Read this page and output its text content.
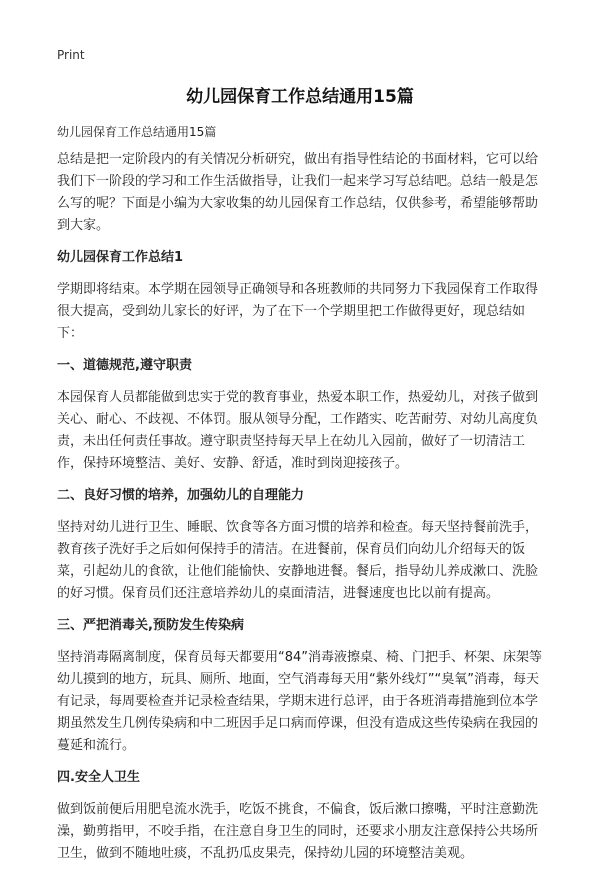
Print
幼儿园保育工作总结通用15篇

幼儿园保育工作总结通用15篇

总结是把一定阶段内的有关情况分析研究，做出有指导性结论的书面材料，它可以给我们下一阶段的学习和工作生活做指导，让我们一起来学习写总结吧。总结一般是怎么写的呢？下面是小编为大家收集的幼儿园保育工作总结，仅供参考，希望能够帮助到大家。

幼儿园保育工作总结1

学期即将结束。本学期在园领导正确领导和各班教师的共同努力下我园保育工作取得很大提高，受到幼儿家长的好评，为了在下一个学期里把工作做得更好，现总结如下：

一、道德规范,遵守职责

本园保育人员都能做到忠实于党的教育事业，热爱本职工作，热爱幼儿，对孩子做到关心、耐心、不歧视、不体罚。服从领导分配，工作踏实、吃苦耐劳、对幼儿高度负责，未出任何责任事故。遵守职责坚持每天早上在幼儿入园前，做好了一切清洁工作，保持环境整洁、美好、安静、舒适，准时到岗迎接孩子。

二、良好习惯的培养，加强幼儿的自理能力

坚持对幼儿进行卫生、睡眠、饮食等各方面习惯的培养和检查。每天坚持餐前洗手，教育孩子洗好手之后如何保持手的清洁。在进餐前，保育员们向幼儿介绍每天的饭菜，引起幼儿的食欲，让他们能愉快、安静地进餐。餐后，指导幼儿养成漱口、洗脸的好习惯。保育员们还注意培养幼儿的桌面清洁，进餐速度也比以前有提高。

三、严把消毒关,预防发生传染病

坚持消毒隔离制度，保育员每天都要用“84”消毒液擦桌、椅、门把手、杯架、床架等幼儿摸到的地方，玩具、厕所、地面，空气消毒每天用“紫外线灯”“臭氧”消毒，每天有记录，每周要检查并记录检查结果，学期末进行总评，由于各班消毒措施到位本学期虽然发生几例传染病和中二班因手足口病而停课，但没有造成这些传染病在我园的蔓延和流行。

四.安全人卫生

做到饭前便后用肥皂流水洗手，吃饭不挑食，不偏食，饭后漱口擦嘴，平时注意勤洗澡，勤剪指甲，不咬手指，在注意自身卫生的同时，还要求小朋友注意保持公共场所卫生，做到不随地吐痰，不乱扔瓜皮果壳，保持幼儿园的环境整洁美观。
